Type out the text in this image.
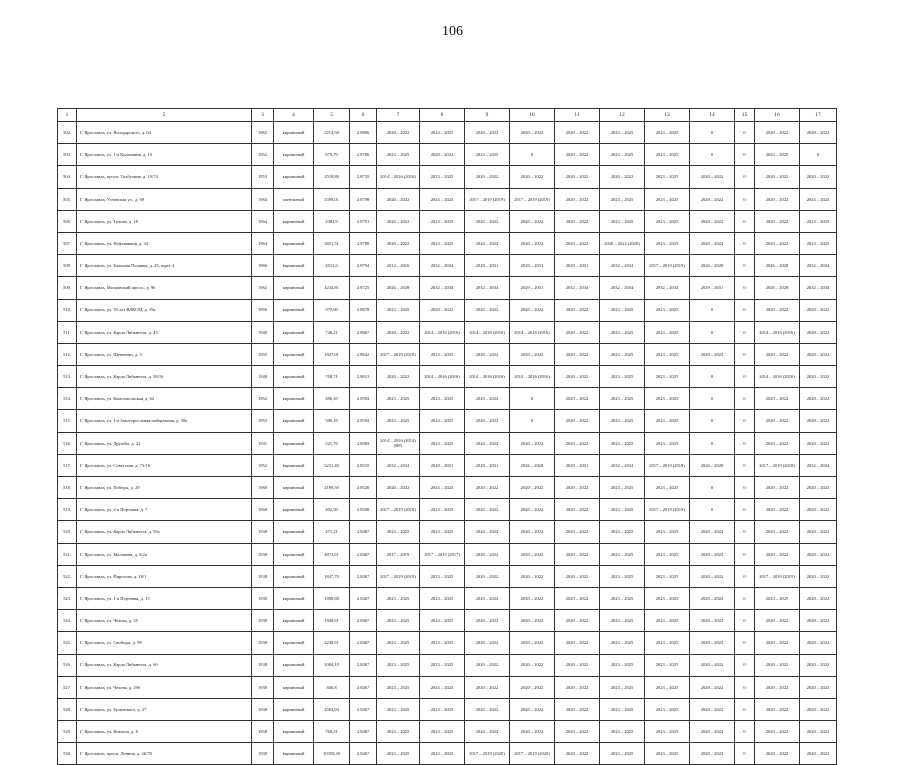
106
1	2	3	4	5	6	7	8	9	10	11	12	13	14	15	16	17
502.	Г. Ярославль, ул. Володарского, д. 64	1962	кирпичный	3214,50	2.8806	2020 – 2022	2023 – 2025	2020 – 2022	2020 – 2022	2020 – 2022	2023 – 2025	2023 – 2025	0	0	2020 – 2022	2020 – 2022
503.	Г. Ярославль, ул. 1-я Колышина, д. 1б	1952	кирпичный	675,79	2.8786	2023 – 2025	2020 – 2022	2023 – 2025	0	2020 – 2022	2023 – 2025	2023 – 2025	0	0	2023 – 2025	0
504.	Г. Ярославль, просп. Толбухина, д. 19/74	1953	кирпичный	2518,80	2.8735	2014 – 2016 (2016)	2023 – 2025	2020 – 2022	2020 – 2022	2020 – 2022	2020 – 2022	2023 – 2025	2020 – 2022	0	2020 – 2022	2020 – 2022
505.	Г. Ярославль, Угличская ул., д. 69	1964	панельный	3399,01	2.8798	2020 – 2022	2023 – 2025	2017 – 2019 (2019)	2017 – 2019 (2019)	2020 – 2022	2023 – 2025	2023 – 2025	2020 – 2022	0	2020 – 2022	2023 – 2025
506.	Г. Ярославль, ул. Титова, д. 18	1964	кирпичный	4382,9	2.8791	2020 – 2022	2023 – 2025	2020 – 2022	2020 – 2022	2020 – 2022	2023 – 2025	2023 – 2025	2020 – 2022	0	2020 – 2022	2023 – 2025
507.	Г. Ярославль, ул. Нефтяников, д. 34	1964	кирпичный	3851,51	2.8780	2020 – 2022	2023 – 2025	2020 – 2022	2020 – 2022	2020 – 2022	2020 – 2022 (2020)	2023 – 2025	2020 – 2022	0	2020 – 2022	2023 – 2025
508.	Г. Ярославль, ул. Большая Полянка, д. 25, корп. 4	1966	кирпичный	4513,0	2.8794	2014 – 2016	2032 – 2034	2029 – 2031	2029 – 2031	2029 – 2031	2032 – 2034	2017 – 2019 (2019)	2026 – 2028	0	2026 – 2028	2032 – 2034
509.	Г. Ярославль, Московский просп., д. 96	1962	кирпичный	4234,81	2.8725	2026 – 2028	2032 – 2034	2032 – 2034	2029 – 2031	2032 – 2034	2032 – 2034	2032 – 2034	2029 – 2031	0	2026 – 2028	2032 – 2034
510.	Г. Ярославль, ул. 50 лет ВЛКСМ, д. 19а	1956	кирпичный	379,60	2.8678	2023 – 2025	2020 – 2022	2020 – 2022	2020 – 2022	2020 – 2022	2023 – 2025	2023 – 2025	0	0	2020 – 2022	2020 – 2022
511.	Г. Ярославль, ул. Карла Либкнехта, д. 43	1948	кирпичный	746,21	2.8667	2020 – 2022	2014 – 2016 (2016)	2014 – 2016 (2016)	2014 – 2016 (2016)	2020 – 2022	2023 – 2025	2023 – 2025	0	0	2014 – 2016 (2016)	2020 – 2022
512.	Г. Ярославль, ул. Шевченко, д. 3	1955	кирпичный	1827,01	2.8642	2017 – 2019 (2019)	2023 – 2025	2020 – 2022	2020 – 2022	2020 – 2022	2023 – 2025	2023 – 2025	2020 – 2022	0	2020 – 2022	2020 – 2022
513.	Г. Ярославль, ул. Карла Либкнехта, д. 38/16	1948	кирпичный	708,71	2.8631	2020 – 2022	2014 – 2016 (2016)	2014 – 2016 (2016)	2014 – 2016 (2016)	2020 – 2022	2023 – 2025	2023 – 2025	0	0	2014 – 2016 (2016)	2020 – 2022
514.	Г. Ярославль, ул. Комсомольская, д. 62	1952	кирпичный	496,30	2.8594	2023 – 2025	2023 – 2025	2020 – 2022	0	2020 – 2022	2023 – 2025	2023 – 2025	0	0	2020 – 2022	2020 – 2022
515.	Г. Ярославль, ул. 1-я Закоторосльная набережная, д. 38а	1953	кирпичный	500,10	2.8594	2023 – 2025	2023 – 2025	2020 – 2022	0	2020 – 2022	2023 – 2025	2023 – 2025	0	0	2020 – 2022	2020 – 2022
516.	Г. Ярославль, ул. Дружбы, д. 22	1931	кирпичный	521,76	2.8583	2014 – 2016 (2014) (ВР)	2023 – 2025	2020 – 2022	2020 – 2022	2020 – 2022	2023 – 2025	2023 – 2025	0	0	2020 – 2022	2020 – 2022
517.	Г. Ярославль, ул. Советская, д. 73/16	1952	кирпичный	3231,40	2.8535	2032 – 2034	2029 – 2031	2029 – 2031	2026 – 2028	2029 – 2031	2032 – 2034	2017 – 2019 (2018)	2026 – 2028	0	2017 – 2019 (2018)	2032 – 2034
518.	Г. Ярославль, ул. Победы, д. 29	1960	кирпичный	2189,50	2.8520	2020 – 2022	2023 – 2025	2020 – 2022	2020 – 2022	2020 – 2022	2023 – 2025	2023 – 2025	0	0	2020 – 2022	2020 – 2022
519.	Г. Ярославль, ул. 2-я Портовая, д. 7	1960	кирпичный	402,50	2.8500	2017 – 2019 (2019)	2023 – 2025	2020 – 2022	2020 – 2022	2020 – 2022	2023 – 2025	2017 – 2019 (2019)	0	0	2020 – 2022	2020 – 2022
520.	Г. Ярославль, ул. Карла Либкнехта, д. 59а	1938	кирпичный	271,21	2.8467	2023 – 2025	2023 – 2025	2020 – 2022	2020 – 2022	2020 – 2022	2023 – 2025	2023 – 2025	2020 – 2022	0	2020 – 2022	2020 – 2022
521.	Г. Ярославль, ул. Маланова, д. 6/2а	1938	кирпичный	4873,61	2.8467	2017 – 2019	2017 – 2019 (2017)	2020 – 2022	2020 – 2022	2020 – 2022	2023 – 2025	2023 – 2025	2020 – 2022	0	2020 – 2022	2020 – 2022
522.	Г. Ярославль, ул. Пирогова, д. 18/1	1938	кирпичный	1847,70	2.8467	2017 – 2019 (2019)	2023 – 2025	2020 – 2022	2020 – 2022	2020 – 2022	2023 – 2025	2023 – 2025	2020 – 2022	0	2017 – 2019 (2019)	2020 – 2022
523.	Г. Ярославль, ул. 1-я Портовая, д. 13	1938	кирпичный	1808,80	2.8467	2023 – 2025	2023 – 2025	2020 – 2022	2020 – 2022	2020 – 2022	2023 – 2025	2023 – 2025	2020 – 2022	0	2023 – 2025	2020 – 2022
524.	Г. Ярославль, ул. Чехова, д. 25	1938	кирпичный	1849,61	2.8467	2023 – 2025	2023 – 2025	2020 – 2022	2020 – 2022	2020 – 2022	2023 – 2025	2023 – 2025	2020 – 2022	0	2020 – 2022	2020 – 2022
525.	Г. Ярославль, ул. Свободы, д. 99	1938	кирпичный	2249,61	2.8467	2023 – 2025	2023 – 2025	2020 – 2022	2020 – 2022	2020 – 2022	2023 – 2025	2023 – 2025	2020 – 2022	0	2020 – 2022	2020 – 2022
526.	Г. Ярославль, ул. Карла Либкнехта, д. 6б	1938	кирпичный	1004,10	2.8467	2023 – 2025	2023 – 2025	2020 – 2022	2020 – 2022	2020 – 2022	2023 – 2025	2023 – 2025	2020 – 2022	0	2020 – 2022	2020 – 2022
527.	Г. Ярославль, ул. Чехова, д. 29б	1938	кирпичный	846,8	2.8467	2023 – 2025	2023 – 2025	2020 – 2022	2020 – 2022	2020 – 2022	2023 – 2025	2023 – 2025	2020 – 2022	0	2020 – 2022	2020 – 2022
528.	Г. Ярославль, ул. Бутинского, д. 27	1938	кирпичный	2563,94	2.8467	2023 – 2025	2023 – 2025	2020 – 2022	2020 – 2022	2020 – 2022	2023 – 2025	2023 – 2025	2020 – 2022	0	2020 – 2022	2020 – 2022
529.	Г. Ярославль, ул. Вокзала, д. 8	1958	кирпичный	768,31	2.8467	2023 – 2025	2023 – 2025	2020 – 2022	2020 – 2022	2020 – 2022	2023 – 2025	2023 – 2025	2020 – 2022	0	2020 – 2022	2020 – 2022
530.	Г. Ярославль, просп. Ленина, д. 26/78	1938	кирпичный	10359,30	2.8467	2023 – 2025	2023 – 2025	2017 – 2019 (2020)	2017 – 2019 (2020)	2020 – 2022	2023 – 2025	2023 – 2025	2020 – 2022	0	2020 – 2022	2020 – 2022
